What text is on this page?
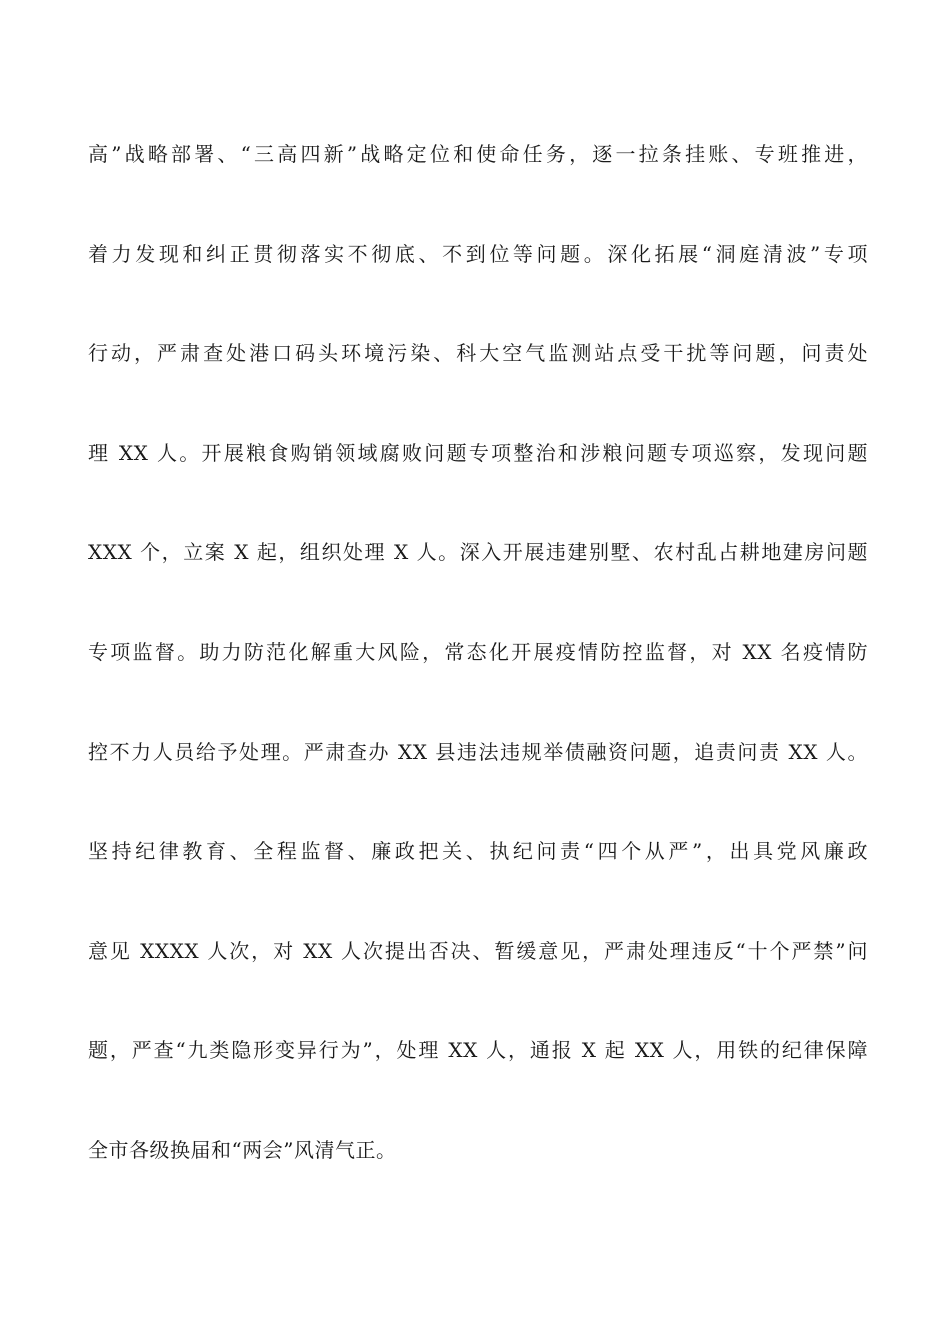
高”战略部署、“三高四新”战略定位和使命任务，逐一拉条挂账、专班推进，
着力发现和纠正贯彻落实不彻底、不到位等问题。深化拓展“洞庭清波”专项
行动，严肃查处港口码头环境污染、科大空气监测站点受干扰等问题，问责处
理 XX 人。开展粮食购销领域腐败问题专项整治和涉粮问题专项巡察，发现问题
XXX 个，立案 X 起，组织处理 X 人。深入开展违建别墅、农村乱占耕地建房问题
专项监督。助力防范化解重大风险，常态化开展疫情防控监督，对 XX 名疫情防
控不力人员给予处理。严肃查办 XX 县违法违规举债融资问题，追责问责 XX 人。
坚持纪律教育、全程监督、廉政把关、执纪问责“四个从严”，出具党风廉政
意见 XXXX 人次，对 XX 人次提出否决、暂缓意见，严肃处理违反“十个严禁”问
题，严查“九类隐形变异行为”，处理 XX 人，通报 X 起 XX 人，用铁的纪律保障
全市各级换届和“两会”风清气正。
